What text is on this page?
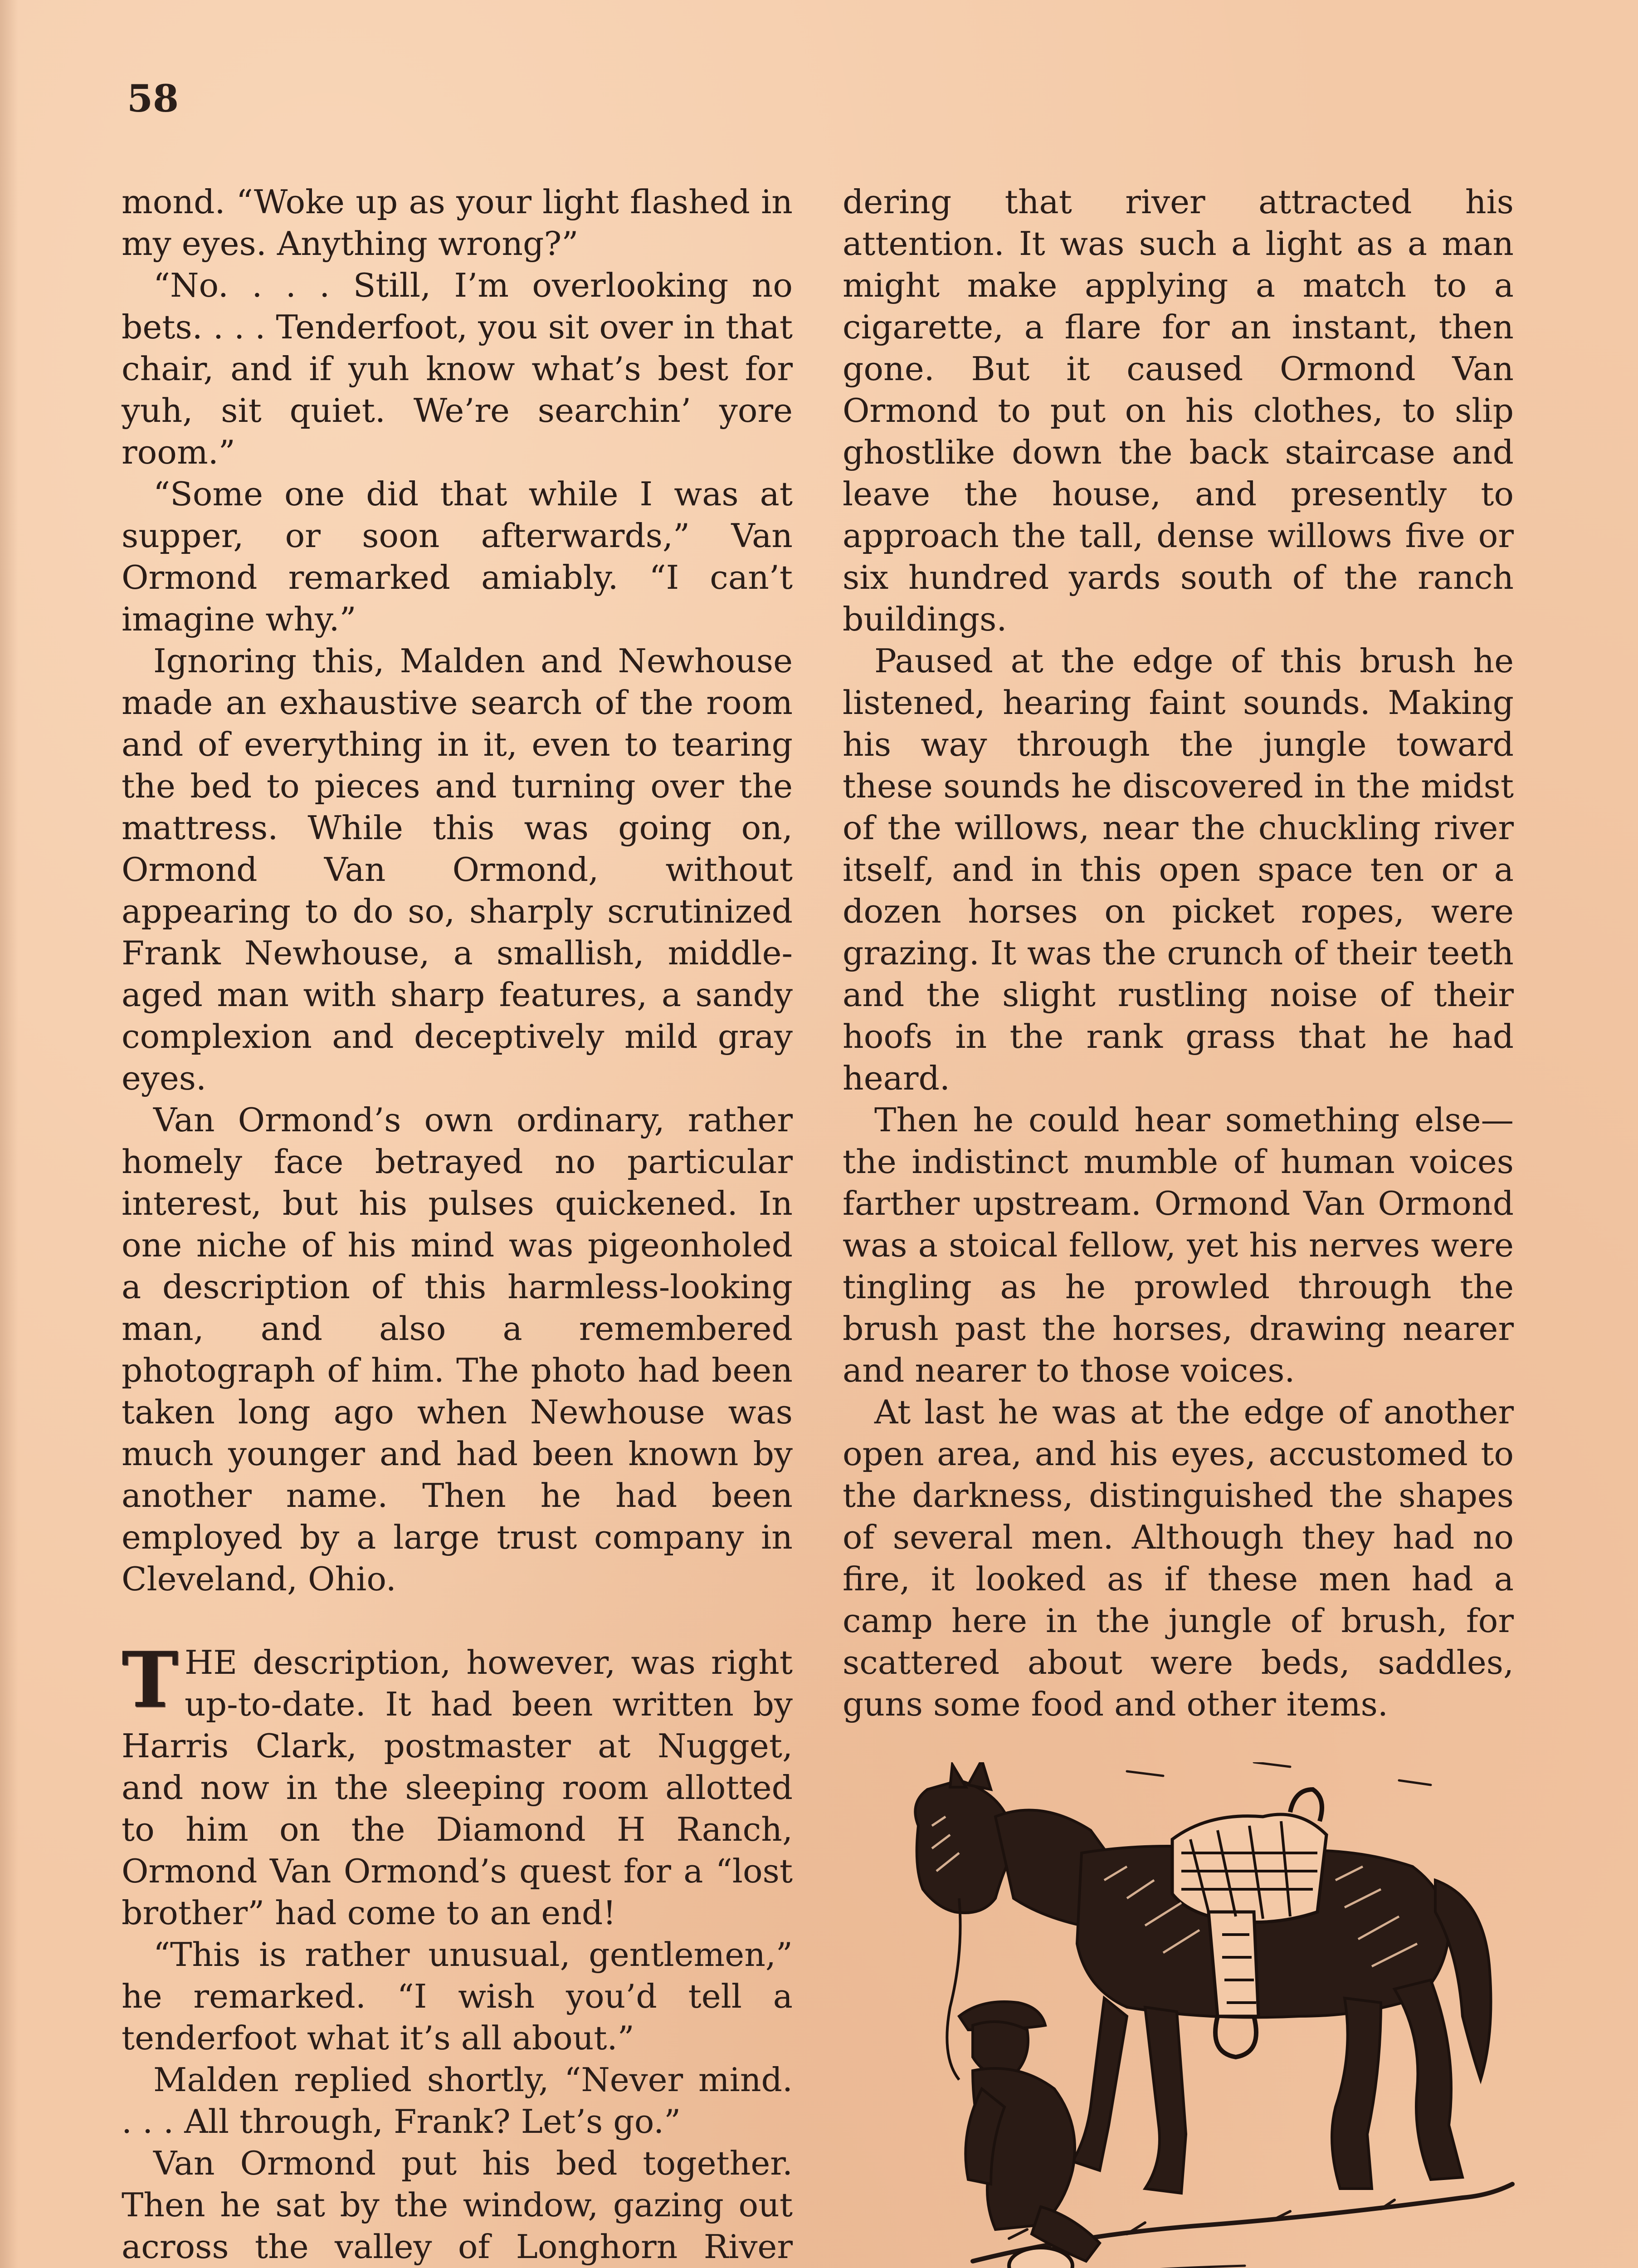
58

mond. “Woke up as your light flashed in my eyes. Anything wrong?”

“No. . . . Still, I’m overlooking no bets. . . . Tenderfoot, you sit over in that chair, and if yuh know what’s best for yuh, sit quiet. We’re searchin’ yore room.”

“Some one did that while I was at supper, or soon afterwards,” Van Ormond remarked amiably. “I can’t imagine why.”

Ignoring this, Malden and Newhouse made an exhaustive search of the room and of everything in it, even to tearing the bed to pieces and turning over the mattress. While this was going on, Ormond Van Ormond, without appearing to do so, sharply scrutinized Frank Newhouse, a smallish, middle-aged man with sharp features, a sandy complexion and deceptively mild gray eyes.

Van Ormond’s own ordinary, rather homely face betrayed no particular interest, but his pulses quickened. In one niche of his mind was pigeonholed a description of this harmless-looking man, and also a remembered photograph of him. The photo had been taken long ago when Newhouse was much younger and had been known by another name. Then he had been employed by a large trust company in Cleveland, Ohio.

THE description, however, was right up-to-date. It had been written by Harris Clark, postmaster at Nugget, and now in the sleeping room allotted to him on the Diamond H Ranch, Ormond Van Ormond’s quest for a “lost brother” had come to an end!

“This is rather unusual, gentlemen,” he remarked. “I wish you’d tell a tenderfoot what it’s all about.”

Malden replied shortly, “Never mind. . . . All through, Frank? Let’s go.”

Van Ormond put his bed together. Then he sat by the window, gazing out across the valley of Longhorn River

dering that river attracted his attention. It was such a light as a man might make applying a match to a cigarette, a flare for an instant, then gone. But it caused Ormond Van Ormond to put on his clothes, to slip ghostlike down the back staircase and leave the house, and presently to approach the tall, dense willows five or six hundred yards south of the ranch buildings.

Paused at the edge of this brush he listened, hearing faint sounds. Making his way through the jungle toward these sounds he discovered in the midst of the willows, near the chuckling river itself, and in this open space ten or a dozen horses on picket ropes, were grazing. It was the crunch of their teeth and the slight rustling noise of their hoofs in the rank grass that he had heard.

Then he could hear something else—the indistinct mumble of human voices farther upstream. Ormond Van Ormond was a stoical fellow, yet his nerves were tingling as he prowled through the brush past the horses, drawing nearer and nearer to those voices.

At last he was at the edge of another open area, and his eyes, accustomed to the darkness, distinguished the shapes of several men. Although they had no fire, it looked as if these men had a camp here in the jungle of brush, for scattered about were beds, saddles, guns some food and other items.
